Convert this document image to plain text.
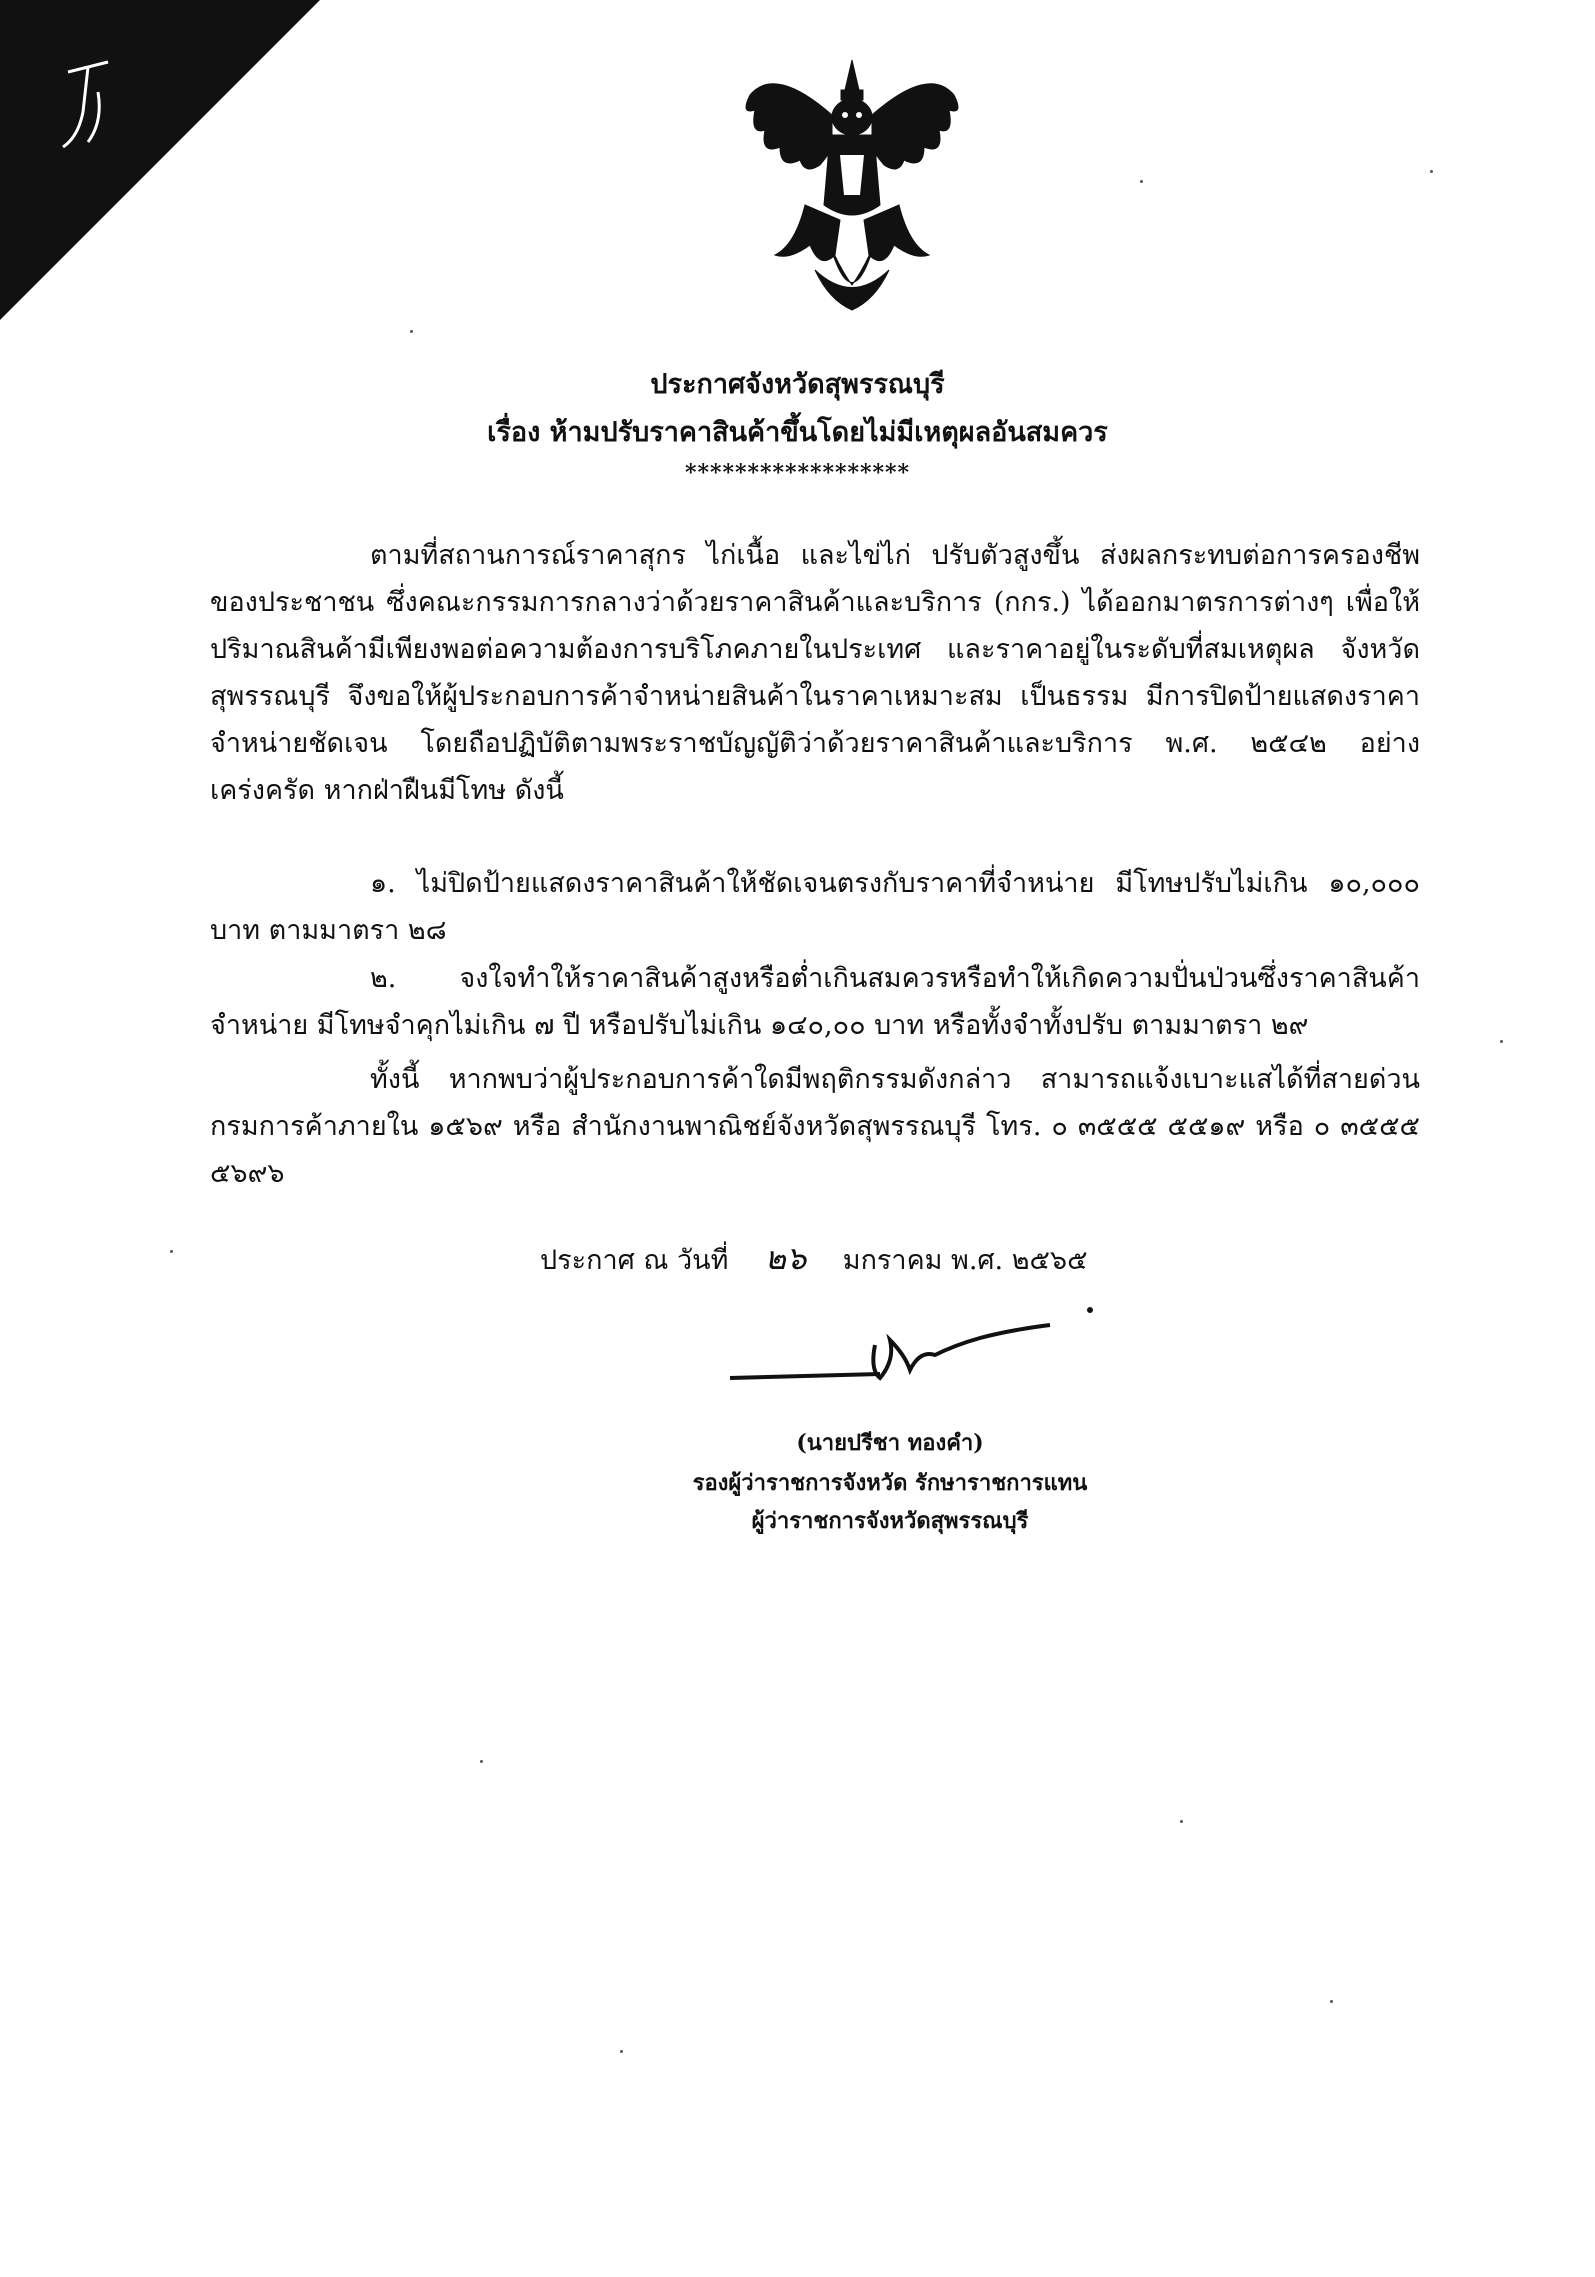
ประกาศจังหวัดสุพรรณบุรี
เรื่อง ห้ามปรับราคาสินค้าขึ้นโดยไม่มีเหตุผลอันสมควร
******************

ตามที่สถานการณ์ราคาสุกร ไก่เนื้อ และไข่ไก่ ปรับตัวสูงขึ้น ส่งผลกระทบต่อการครองชีพของประชาชน ซึ่งคณะกรรมการกลางว่าด้วยราคาสินค้าและบริการ (กกร.) ได้ออกมาตรการต่างๆ เพื่อให้ปริมาณสินค้ามีเพียงพอต่อความต้องการบริโภคภายในประเทศ และราคาอยู่ในระดับที่สมเหตุผล จังหวัดสุพรรณบุรี จึงขอให้ผู้ประกอบการค้าจำหน่ายสินค้าในราคาเหมาะสม เป็นธรรม มีการปิดป้ายแสดงราคาจำหน่ายชัดเจน โดยถือปฏิบัติตามพระราชบัญญัติว่าด้วยราคาสินค้าและบริการ พ.ศ. ๒๕๔๒ อย่างเคร่งครัด หากฝ่าฝืนมีโทษ ดังนี้

๑. ไม่ปิดป้ายแสดงราคาสินค้าให้ชัดเจนตรงกับราคาที่จำหน่าย มีโทษปรับไม่เกิน ๑๐,๐๐๐ บาท ตามมาตรา ๒๘

๒. จงใจทำให้ราคาสินค้าสูงหรือต่ำเกินสมควรหรือทำให้เกิดความปั่นป่วนซึ่งราคาสินค้าจำหน่าย มีโทษจำคุกไม่เกิน ๗ ปี หรือปรับไม่เกิน ๑๔๐,๐๐ บาท หรือทั้งจำทั้งปรับ ตามมาตรา ๒๙

ทั้งนี้ หากพบว่าผู้ประกอบการค้าใดมีพฤติกรรมดังกล่าว สามารถแจ้งเบาะแสได้ที่สายด่วน กรมการค้าภายใน ๑๕๖๙ หรือ สำนักงานพาณิชย์จังหวัดสุพรรณบุรี โทร. ๐ ๓๕๕๕ ๕๕๑๙ หรือ ๐ ๓๕๕๕ ๕๖๙๖

ประกาศ ณ วันที่ ๒๖ มกราคม พ.ศ. ๒๕๖๕
(นายปรีชา ทองคำ)
รองผู้ว่าราชการจังหวัด รักษาราชการแทน
ผู้ว่าราชการจังหวัดสุพรรณบุรี
